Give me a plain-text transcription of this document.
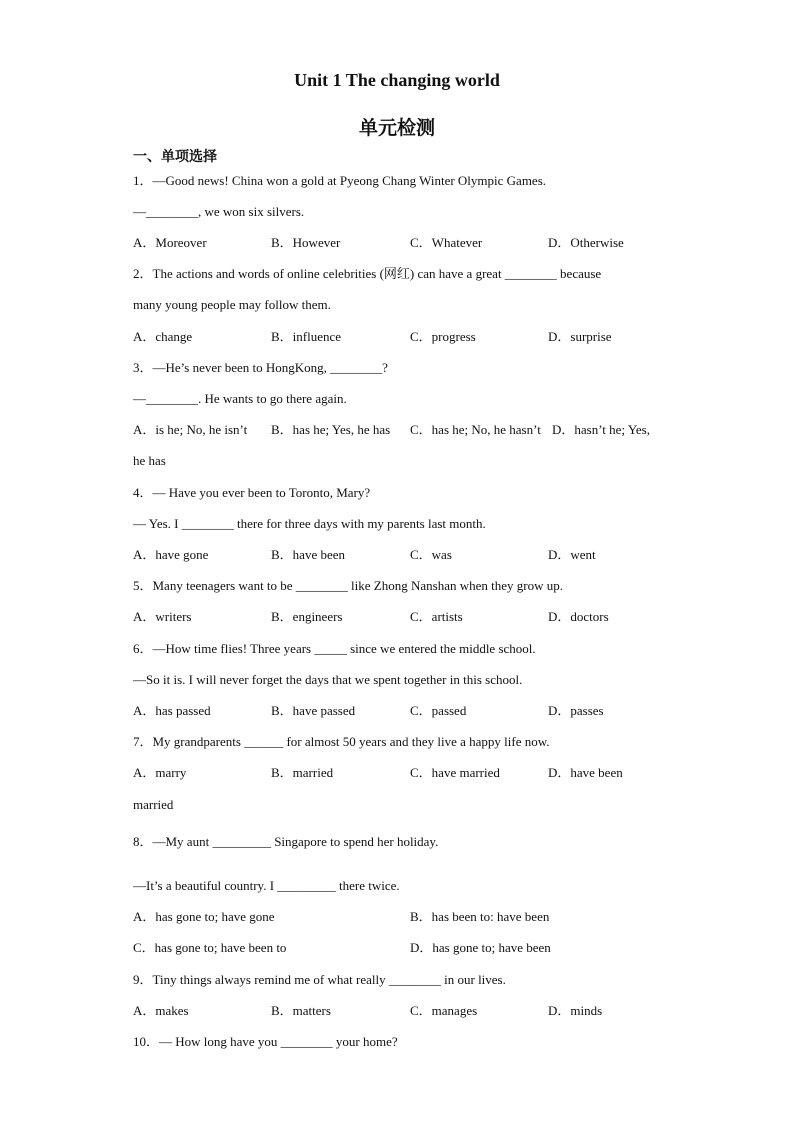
Unit 1 The changing world
单元检测
一、单项选择
1．—Good news! China won a gold at Pyeong Chang Winter Olympic Games.
—________, we won six silvers.
A．Moreover	B．However	C．Whatever	D．Otherwise
2．The actions and words of online celebrities (网红) can have a great ________ because
many young people may follow them.
A．change	B．influence	C．progress	D．surprise
3．—He’s never been to HongKong, ________?
—________. He wants to go there again.
A．is he; No, he isn’t B．has he; Yes, he has C．has he; No, he hasn’t D．hasn’t he; Yes,
he has
4．— Have you ever been to Toronto, Mary?
— Yes. I ________ there for three days with my parents last month.
A．have gone	B．have been	C．was	D．went
5．Many teenagers want to be ________ like Zhong Nanshan when they grow up.
A．writers	B．engineers	C．artists	D．doctors
6．—How time flies! Three years _____ since we entered the middle school.
—So it is. I will never forget the days that we spent together in this school.
A．has passed	B．have passed	C．passed	D．passes
7．My grandparents ______ for almost 50 years and they live a happy life now.
A．marry	B．married	C．have married	D．have been
married
8．—My aunt _________ Singapore to spend her holiday.
—It’s a beautiful country. I _________ there twice.
A．has gone to; have gone	B．has been to: have been
C．has gone to; have been to	D．has gone to; have been
9．Tiny things always remind me of what really ________ in our lives.
A．makes	B．matters	C．manages	D．minds
10．— How long have you ________ your home?
